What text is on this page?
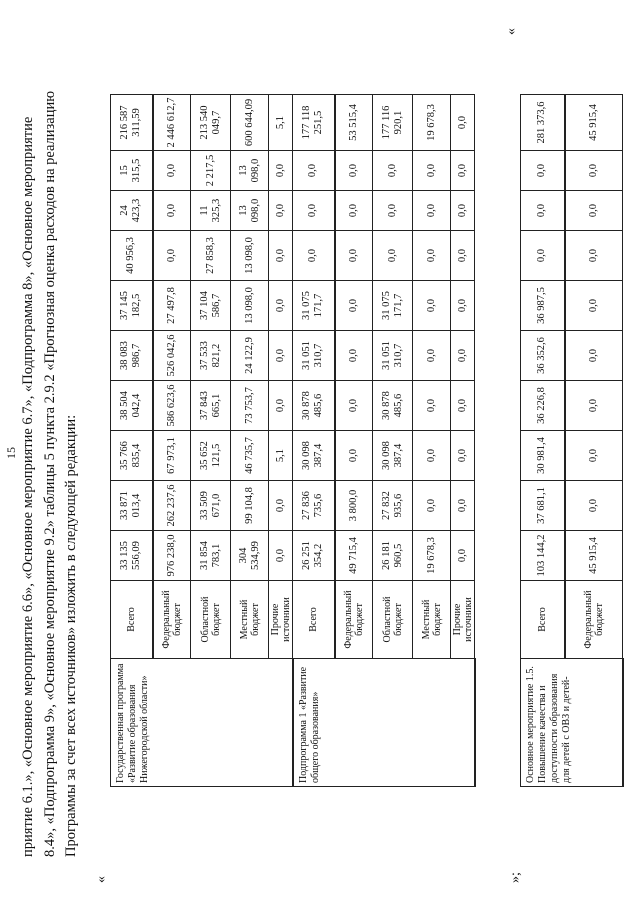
15 приятие 6.1.», «Основное мероприятие 6.6», «Основное мероприятие 6.7», «Подпрограмма 8», «Основное мероприятие 8.4», «Подпрограмма 9», «Основное мероприятие 9.2» таблицы 5 пункта 2.9.2 «Прогнозная оценка расходов на реализацию Программы за счет всех источников» изложить в следующей редакции:

«
Государственная программа «Развитие образования Нижегородской области»	Всего	33 135 556,09	33 871 013,4	35 766 835,4	38 504 042,4	38 083 986,7	37 145 182,5	40 956,3	24 423,3	15 315,5	216 587 311,59
	Федеральный бюджет	976 238,0	262 237,6	67 973,1	586 623,6	526 042,6	27 497,8	0,0	0,0	0,0	2 446 612,7
	Областной бюджет	31 854 783,1	33 509 671,0	35 652 121,5	37 843 665,1	37 533 821,2	37 104 586,7	27 858,3	11 325,3	2 217,5	213 540 049,7
	Местный бюджет	304 534,99	99 104,8	46 735,7	73 753,7	24 122,9	13 098,0	13 098,0	13 098,0	13 098,0	600 644,09
	Прочие источники	0,0	0,0	5,1	0,0	0,0	0,0	0,0	0,0	0,0	5,1
Подпрограмма 1 «Развитие общего образования»	Всего	26 251 354,2	27 836 735,6	30 098 387,4	30 878 485,6	31 051 310,7	31 075 171,7	0,0	0,0	0,0	177 118 251,5
	Федеральный бюджет	49 715,4	3 800,0	0,0	0,0	0,0	0,0	0,0	0,0	0,0	53 515,4
	Областной бюджет	26 181 960,5	27 832 935,6	30 098 387,4	30 878 485,6	31 051 310,7	31 075 171,7	0,0	0,0	0,0	177 116 920,1
	Местный бюджет	19 678,3	0,0	0,0	0,0	0,0	0,0	0,0	0,0	0,0	19 678,3
	Прочие источники	0,0	0,0	0,0	0,0	0,0	0,0	0,0	0,0	0,0	0,0
»;
«
Основное мероприятие 1.5. Повышение качества и доступности образования для детей с ОВЗ и детей-	Всего	103 144,2	37 681,1	30 981,4	36 226,8	36 352,6	36 987,5	0,0	0,0	0,0	281 373,6
	Федеральный бюджет	45 915,4	0,0	0,0	0,0	0,0	0,0	0,0	0,0	0,0	45 915,4
